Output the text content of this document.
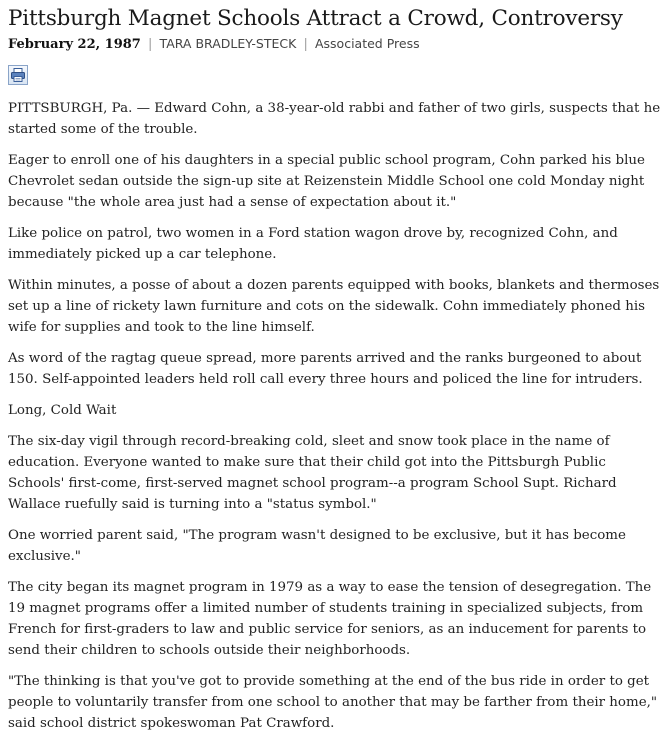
Pittsburgh Magnet Schools Attract a Crowd, Controversy
February 22, 1987 | TARA BRADLEY-STECK | Associated Press

PITTSBURGH, Pa. — Edward Cohn, a 38-year-old rabbi and father of two girls, suspects that he started some of the trouble.

Eager to enroll one of his daughters in a special public school program, Cohn parked his blue Chevrolet sedan outside the sign-up site at Reizenstein Middle School one cold Monday night because "the whole area just had a sense of expectation about it."

Like police on patrol, two women in a Ford station wagon drove by, recognized Cohn, and immediately picked up a car telephone.

Within minutes, a posse of about a dozen parents equipped with books, blankets and thermoses set up a line of rickety lawn furniture and cots on the sidewalk. Cohn immediately phoned his wife for supplies and took to the line himself.

As word of the ragtag queue spread, more parents arrived and the ranks burgeoned to about 150. Self-appointed leaders held roll call every three hours and policed the line for intruders.

Long, Cold Wait

The six-day vigil through record-breaking cold, sleet and snow took place in the name of education. Everyone wanted to make sure that their child got into the Pittsburgh Public Schools' first-come, first-served magnet school program--a program School Supt. Richard Wallace ruefully said is turning into a "status symbol."

One worried parent said, "The program wasn't designed to be exclusive, but it has become exclusive."

The city began its magnet program in 1979 as a way to ease the tension of desegregation. The 19 magnet programs offer a limited number of students training in specialized subjects, from French for first-graders to law and public service for seniors, as an inducement for parents to send their children to schools outside their neighborhoods.

"The thinking is that you've got to provide something at the end of the bus ride in order to get people to voluntarily transfer from one school to another that may be farther from their home," said school district spokeswoman Pat Crawford.
